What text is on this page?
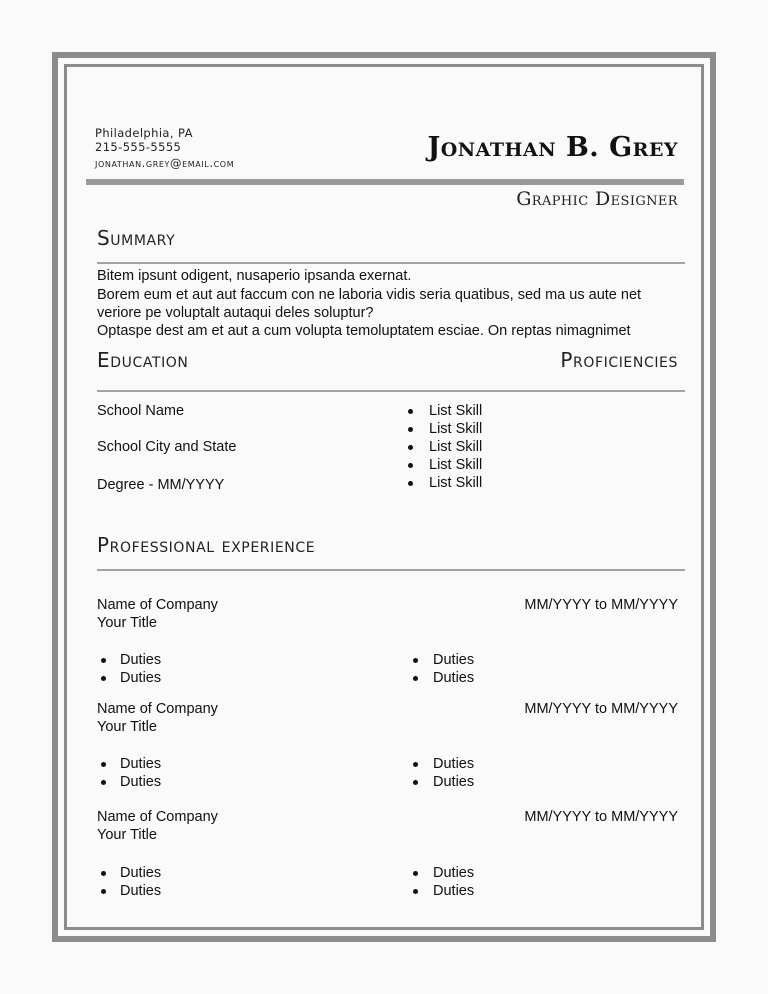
Philadelphia, PA
215-555-5555
jonathan.grey@email.com	Jonathan B. Grey
Graphic Designer
Summary
Bitem ipsunt odigent, nusaperio ipsanda exernat.
Borem eum et aut aut faccum con ne laboria vidis seria quatibus, sed ma us aute net
veriore pe voluptalt autaqui deles soluptur?
Optaspe dest am et aut a cum volupta temoluptatem esciae. On reptas nimagnimet
Education	Proficiencies
School Name
School City and State
Degree - MM/YYYY
List Skill
List Skill
List Skill
List Skill
List Skill
Professional experience
Name of Company	MM/YYYY to MM/YYYY
Your Title
Duties
Duties
Duties
Duties
Name of Company	MM/YYYY to MM/YYYY
Your Title
Duties
Duties
Duties
Duties
Name of Company	MM/YYYY to MM/YYYY
Your Title
Duties
Duties
Duties
Duties
